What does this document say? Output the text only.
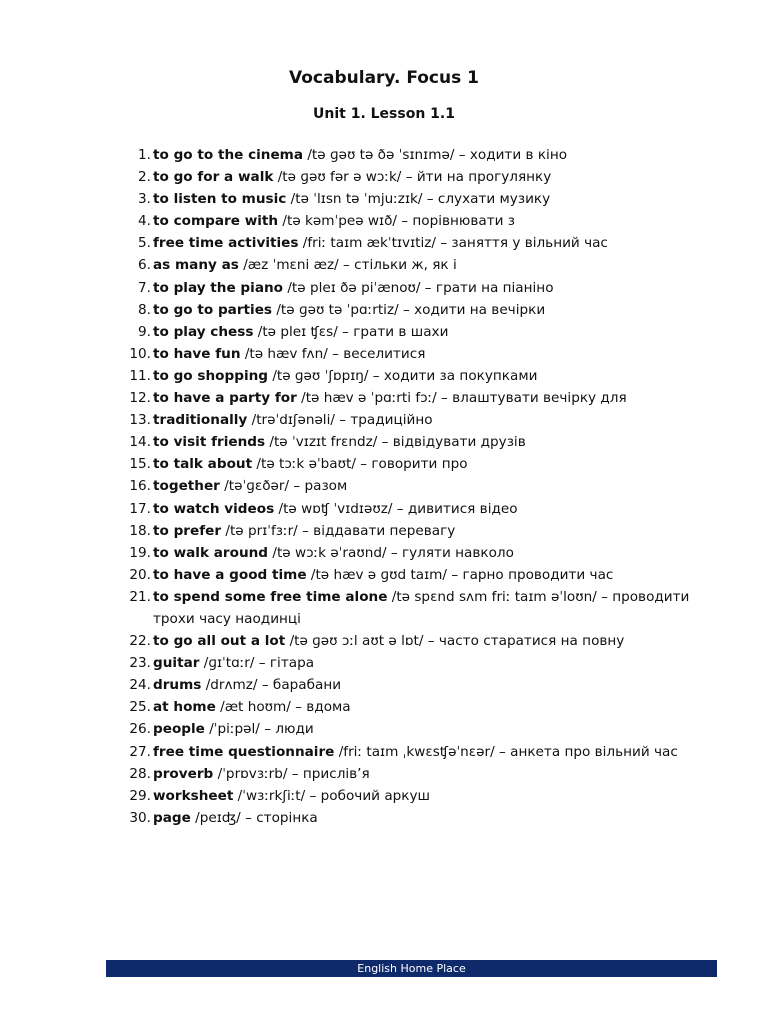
Vocabulary. Focus 1
Unit 1. Lesson 1.1
1. to go to the cinema /tə ɡəʊ tə ðə ˈsɪnɪmə/ – ходити в кіно
2. to go for a walk /tə ɡəʊ fər ə wɔːk/ – йти на прогулянку
3. to listen to music /tə ˈlɪsn tə ˈmjuːzɪk/ – слухати музику
4. to compare with /tə kəmˈpeə wɪð/ – порівнювати з
5. free time activities /friː taɪm ækˈtɪvɪtiz/ – заняття у вільний час
6. as many as /æz ˈmɛni æz/ – стільки ж, як і
7. to play the piano /tə pleɪ ðə piˈænoʊ/ – грати на піаніно
8. to go to parties /tə ɡəʊ tə ˈpɑːrtiz/ – ходити на вечірки
9. to play chess /tə pleɪ ʧɛs/ – грати в шахи
10. to have fun /tə hæv fʌn/ – веселитися
11. to go shopping /tə ɡəʊ ˈʃɒpɪŋ/ – ходити за покупками
12. to have a party for /tə hæv ə ˈpɑːrti fɔː/ – влаштувати вечірку для
13. traditionally /trəˈdɪʃənəli/ – традиційно
14. to visit friends /tə ˈvɪzɪt frɛndz/ – відвідувати друзів
15. to talk about /tə tɔːk əˈbaʊt/ – говорити про
16. together /təˈɡɛðər/ – разом
17. to watch videos /tə wɒʧ ˈvɪdɪəʊz/ – дивитися відео
18. to prefer /tə prɪˈfɜːr/ – віддавати перевагу
19. to walk around /tə wɔːk əˈraʊnd/ – гуляти навколо
20. to have a good time /tə hæv ə ɡʊd taɪm/ – гарно проводити час
21. to spend some free time alone /tə spɛnd sʌm friː taɪm əˈloʊn/ – проводити трохи часу наодинці
22. to go all out a lot /tə ɡəʊ ɔːl aʊt ə lɒt/ – часто старатися на повну
23. guitar /ɡɪˈtɑːr/ – гітара
24. drums /drʌmz/ – барабани
25. at home /æt hoʊm/ – вдома
26. people /ˈpiːpəl/ – люди
27. free time questionnaire /friː taɪm ˌkwɛsʧəˈnɛər/ – анкета про вільний час
28. proverb /ˈprɒvɜːrb/ – прислів’я
29. worksheet /ˈwɜːrkʃiːt/ – робочий аркуш
30. page /peɪʤ/ – сторінка
English Home Place
